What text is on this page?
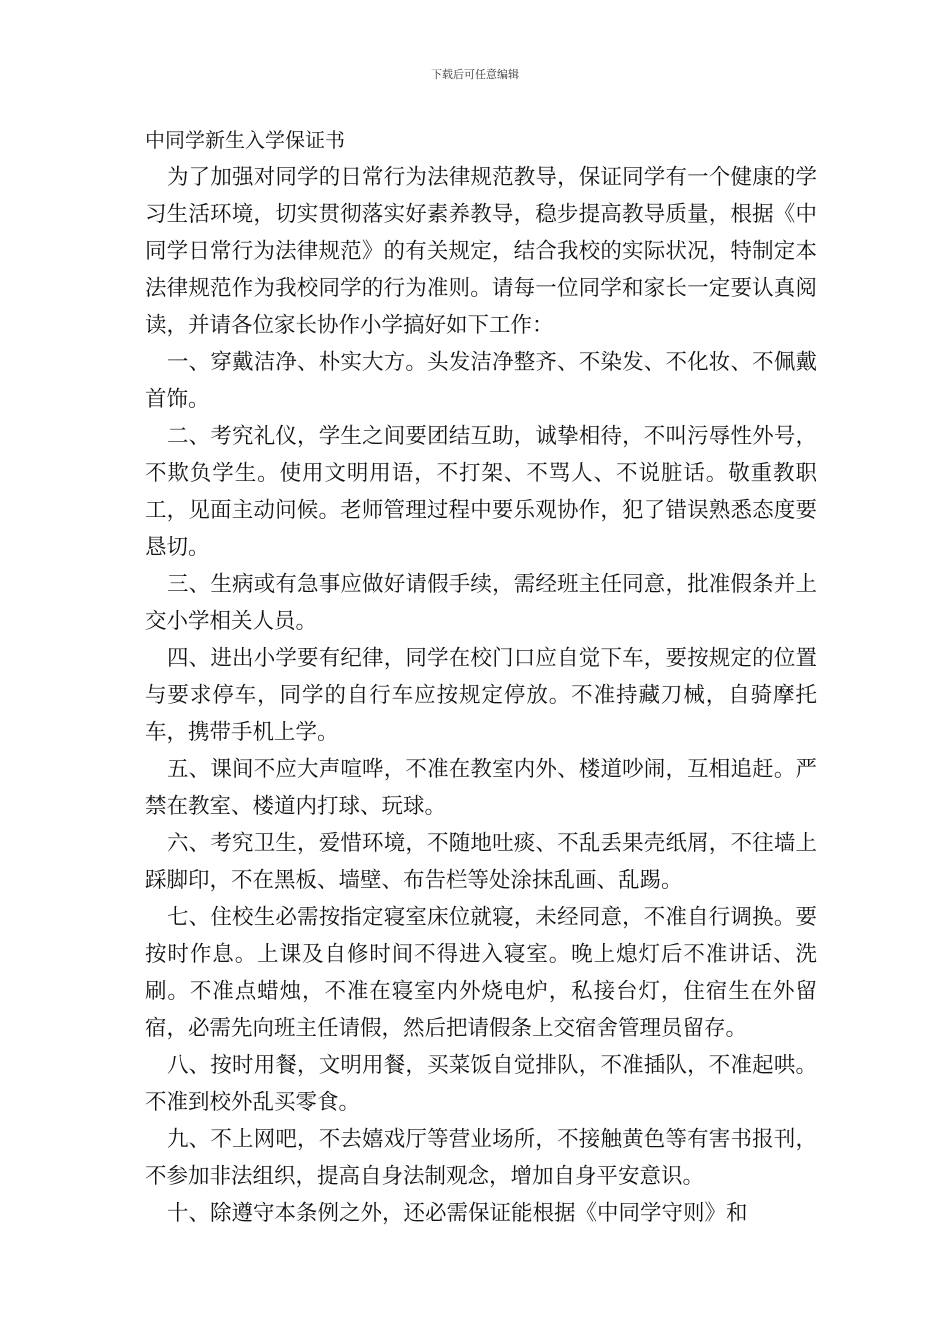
下载后可任意编辑

中同学新生入学保证书

为了加强对同学的日常行为法律规范教导，保证同学有一个健康的学习生活环境，切实贯彻落实好素养教导，稳步提高教导质量，根据《中同学日常行为法律规范》的有关规定，结合我校的实际状况，特制定本法律规范作为我校同学的行为准则。请每一位同学和家长一定要认真阅读，并请各位家长协作小学搞好如下工作：

一、穿戴洁净、朴实大方。头发洁净整齐、不染发、不化妆、不佩戴首饰。

二、考究礼仪，学生之间要团结互助，诚挚相待，不叫污辱性外号，不欺负学生。使用文明用语，不打架、不骂人、不说脏话。敬重教职工，见面主动问候。老师管理过程中要乐观协作，犯了错误熟悉态度要恳切。

三、生病或有急事应做好请假手续，需经班主任同意，批准假条并上交小学相关人员。

四、进出小学要有纪律，同学在校门口应自觉下车，要按规定的位置与要求停车，同学的自行车应按规定停放。不准持藏刀械，自骑摩托车，携带手机上学。

五、课间不应大声喧哗，不准在教室内外、楼道吵闹，互相追赶。严禁在教室、楼道内打球、玩球。

六、考究卫生，爱惜环境，不随地吐痰、不乱丢果壳纸屑，不往墙上踩脚印，不在黑板、墙壁、布告栏等处涂抹乱画、乱踢。

七、住校生必需按指定寝室床位就寝，未经同意，不准自行调换。要按时作息。上课及自修时间不得进入寝室。晚上熄灯后不准讲话、洗刷。不准点蜡烛，不准在寝室内外烧电炉，私接台灯，住宿生在外留宿，必需先向班主任请假，然后把请假条上交宿舍管理员留存。

八、按时用餐，文明用餐，买菜饭自觉排队，不准插队，不准起哄。不准到校外乱买零食。

九、不上网吧，不去嬉戏厅等营业场所，不接触黄色等有害书报刊，不参加非法组织，提高自身法制观念，增加自身平安意识。

十、除遵守本条例之外，还必需保证能根据《中同学守则》和
